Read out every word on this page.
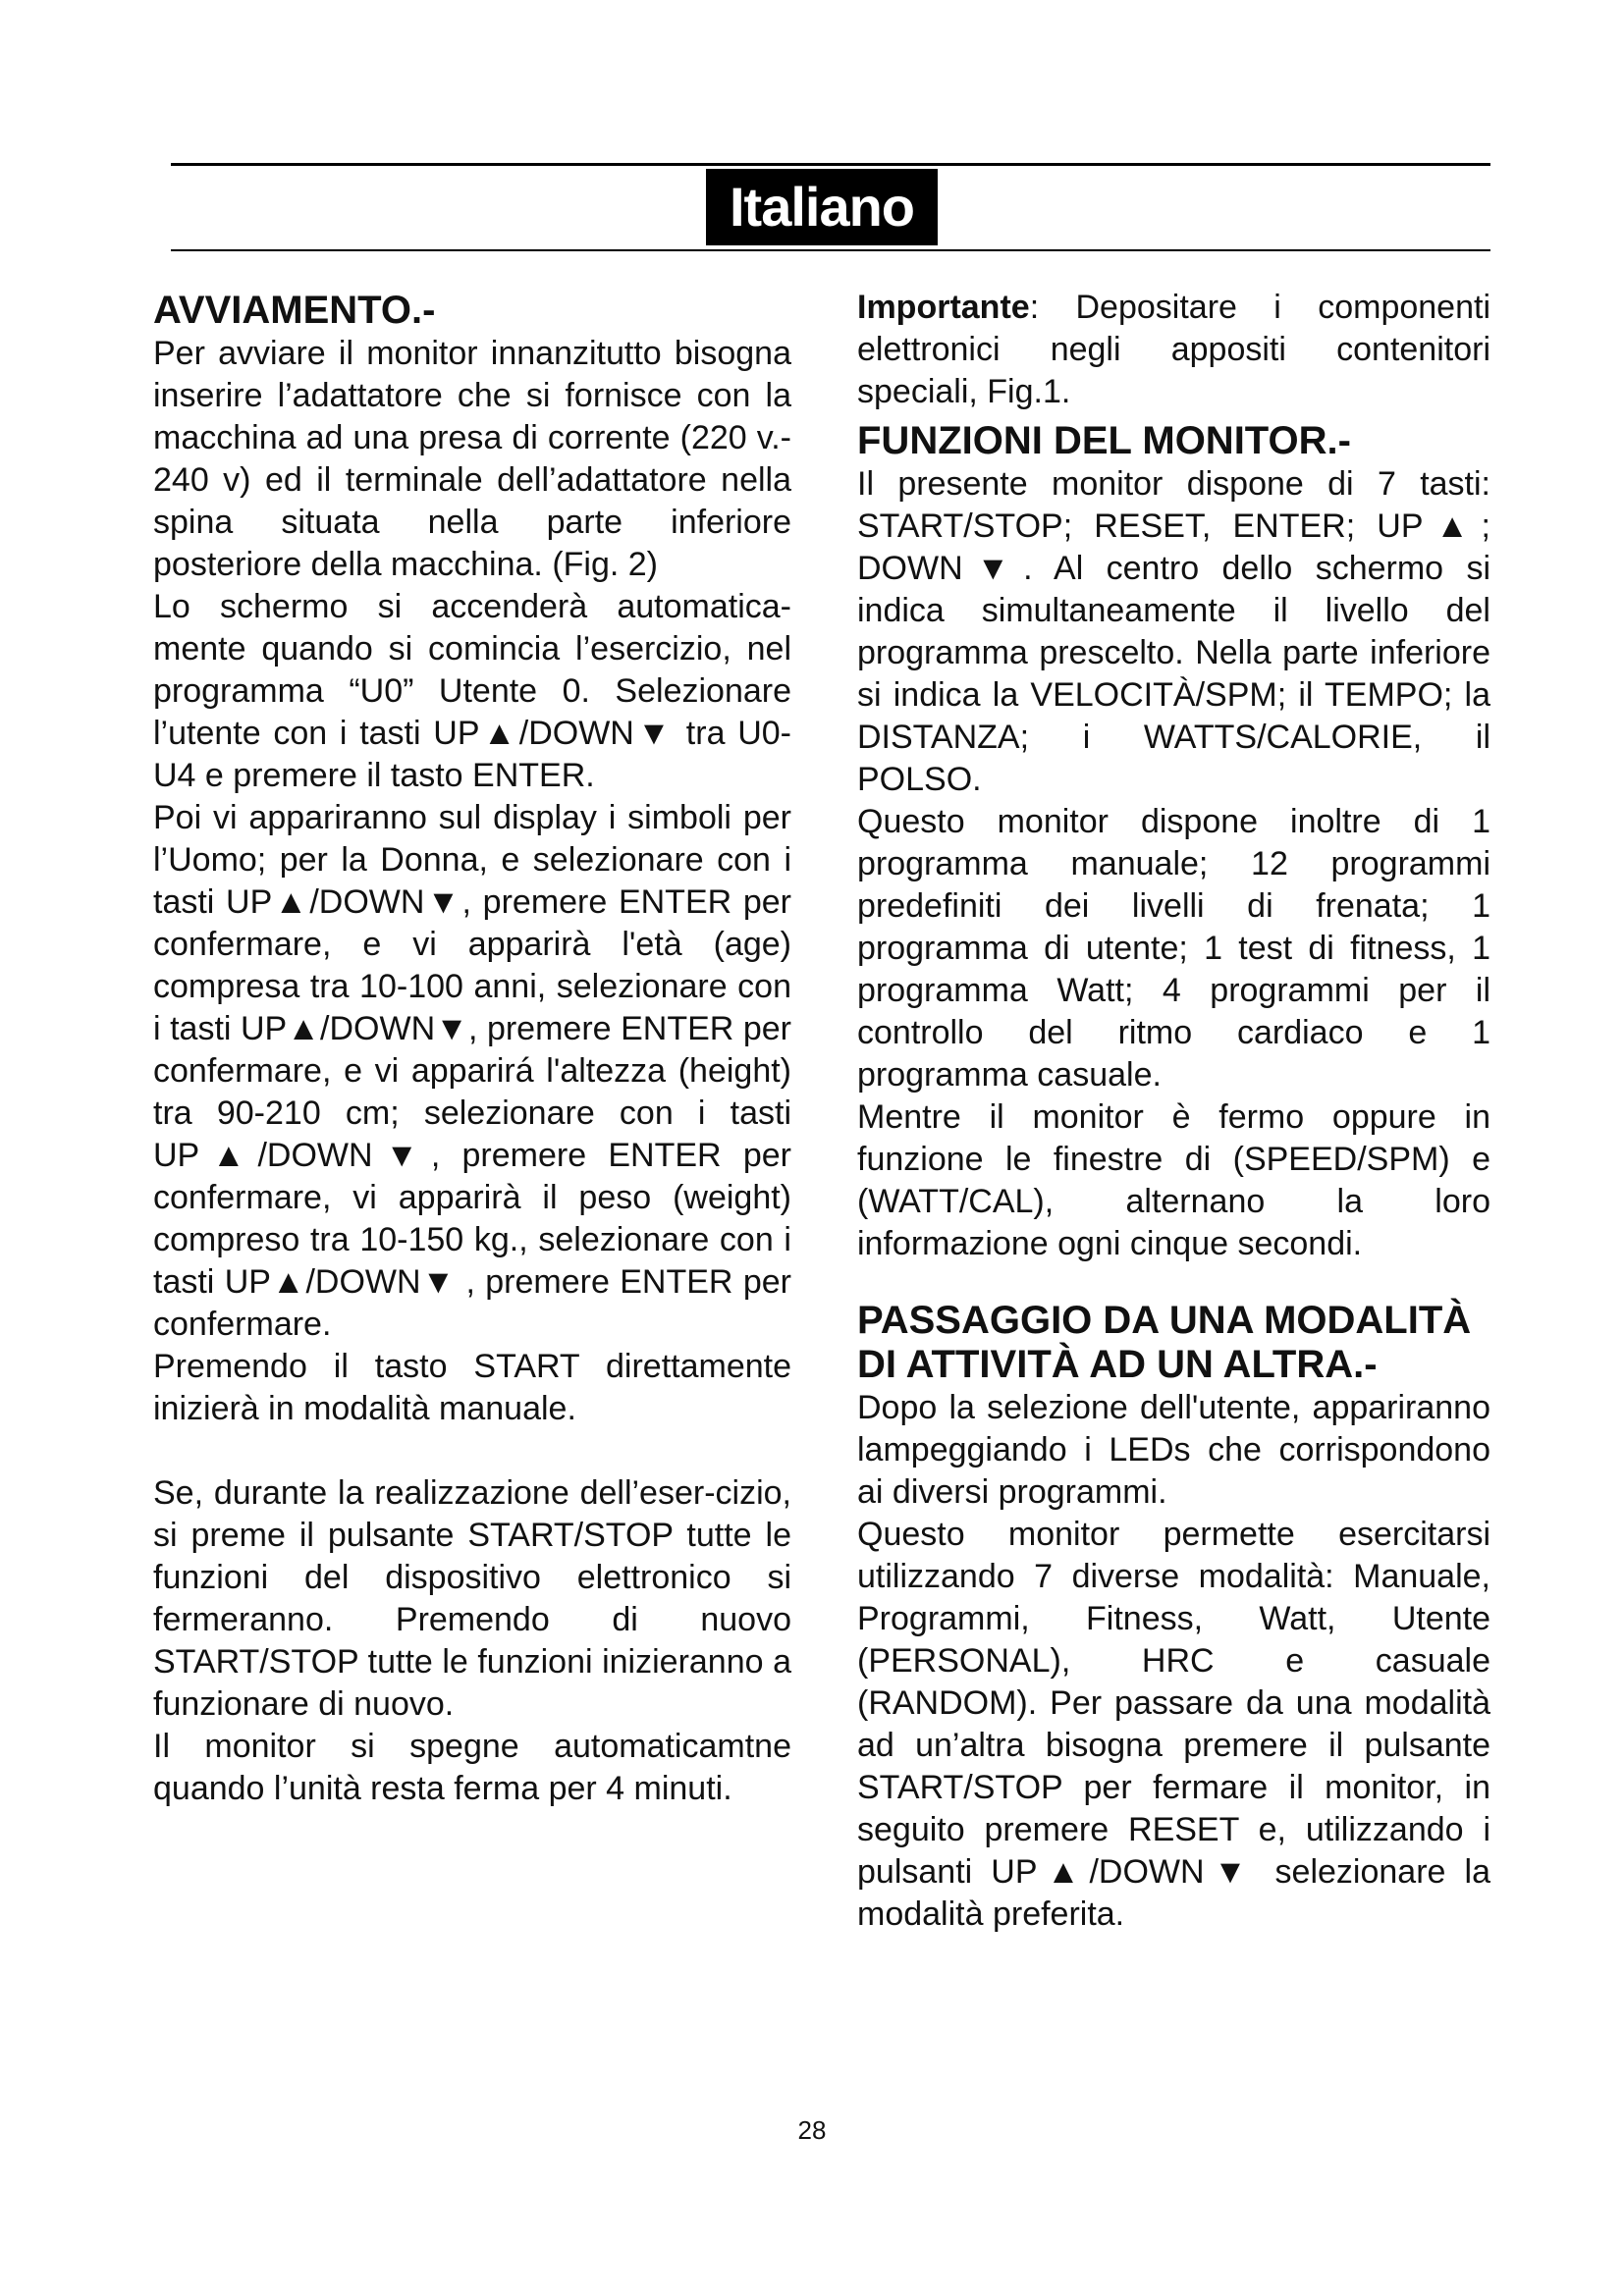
Italiano
AVVIAMENTO.-

Per avviare il monitor innanzitutto bisogna inserire l’adattatore che si fornisce con la macchina ad una presa di corrente (220 v.- 240 v) ed il terminale dell’adattatore nella spina situata nella parte inferiore posteriore della macchina. (Fig. 2)

Lo schermo si accenderà automatica-mente quando si comincia l’esercizio, nel programma “U0” Utente 0. Selezionare l’utente con i tasti UP▲/DOWN▼ tra U0-U4 e premere il tasto ENTER.

Poi vi appariranno sul display i simboli per l’Uomo; per la Donna, e selezionare con i tasti UP▲/DOWN▼, premere ENTER per confermare, e vi apparirà l'età (age) compresa tra 10-100 anni, selezionare con i tasti UP▲/DOWN▼, premere ENTER per confermare, e vi apparirá l'altezza (height) tra 90-210 cm; selezionare con i tasti UP▲/DOWN▼, premere ENTER per confermare, vi apparirà il peso (weight) compreso tra 10-150 kg., selezionare con i tasti UP▲/DOWN▼ , premere ENTER per confermare.

Premendo il tasto START direttamente inizierà in modalità manuale.

Se, durante la realizzazione dell’eser-cizio, si preme il pulsante START/STOP tutte le funzioni del dispositivo elettronico si fermeranno. Premendo di nuovo START/STOP tutte le funzioni inizieranno a funzionare di nuovo.

Il monitor si spegne automaticamtne quando l’unità resta ferma per 4 minuti.

Importante: Depositare i componenti elettronici negli appositi contenitori speciali, Fig.1.

FUNZIONI DEL MONITOR.-

Il presente monitor dispone di 7 tasti: START/STOP; RESET, ENTER; UP▲; DOWN▼. Al centro dello schermo si indica simultaneamente il livello del programma prescelto. Nella parte inferiore si indica la VELOCITÀ/SPM; il TEMPO; la DISTANZA; i WATTS/CALORIE, il POLSO.

Questo monitor dispone inoltre di 1 programma manuale; 12 programmi predefiniti dei livelli di frenata; 1 programma di utente; 1 test di fitness, 1 programma Watt; 4 programmi per il controllo del ritmo cardiaco e 1 programma casuale.

Mentre il monitor è fermo oppure in funzione le finestre di (SPEED/SPM) e (WATT/CAL), alternano la loro informazione ogni cinque secondi.

PASSAGGIO DA UNA MODALITÀ DI ATTIVITÀ AD UN ALTRA.-

Dopo la selezione dell'utente, appariranno lampeggiando i LEDs che corrispondono ai diversi programmi.

Questo monitor permette esercitarsi utilizzando 7 diverse modalità: Manuale, Programmi, Fitness, Watt, Utente (PERSONAL), HRC e casuale (RANDOM). Per passare da una modalità ad un’altra bisogna premere il pulsante START/STOP per fermare il monitor, in seguito premere RESET e, utilizzando i pulsanti UP▲/DOWN▼ selezionare la modalità preferita.

28
